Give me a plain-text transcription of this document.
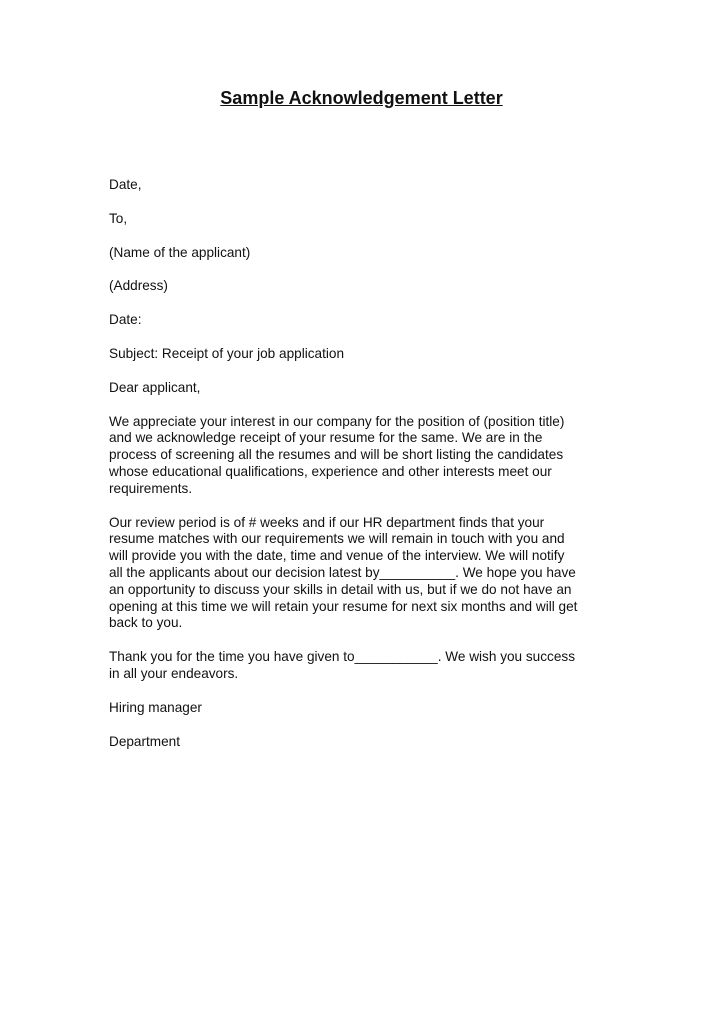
Sample Acknowledgement Letter

Date,

To,

(Name of the applicant)

(Address)

Date:

Subject: Receipt of your job application

Dear applicant,

We appreciate your interest in our company for the position of (position title)
and we acknowledge receipt of your resume for the same. We are in the
process of screening all the resumes and will be short listing the candidates
whose educational qualifications, experience and other interests meet our
requirements.
Our review period is of # weeks and if our HR department finds that your
resume matches with our requirements we will remain in touch with you and
will provide you with the date, time and venue of the interview. We will notify
all the applicants about our decision latest by__________. We hope you have
an opportunity to discuss your skills in detail with us, but if we do not have an
opening at this time we will retain your resume for next six months and will get
back to you.
Thank you for the time you have given to___________. We wish you success
in all your endeavors.

Hiring manager

Department
